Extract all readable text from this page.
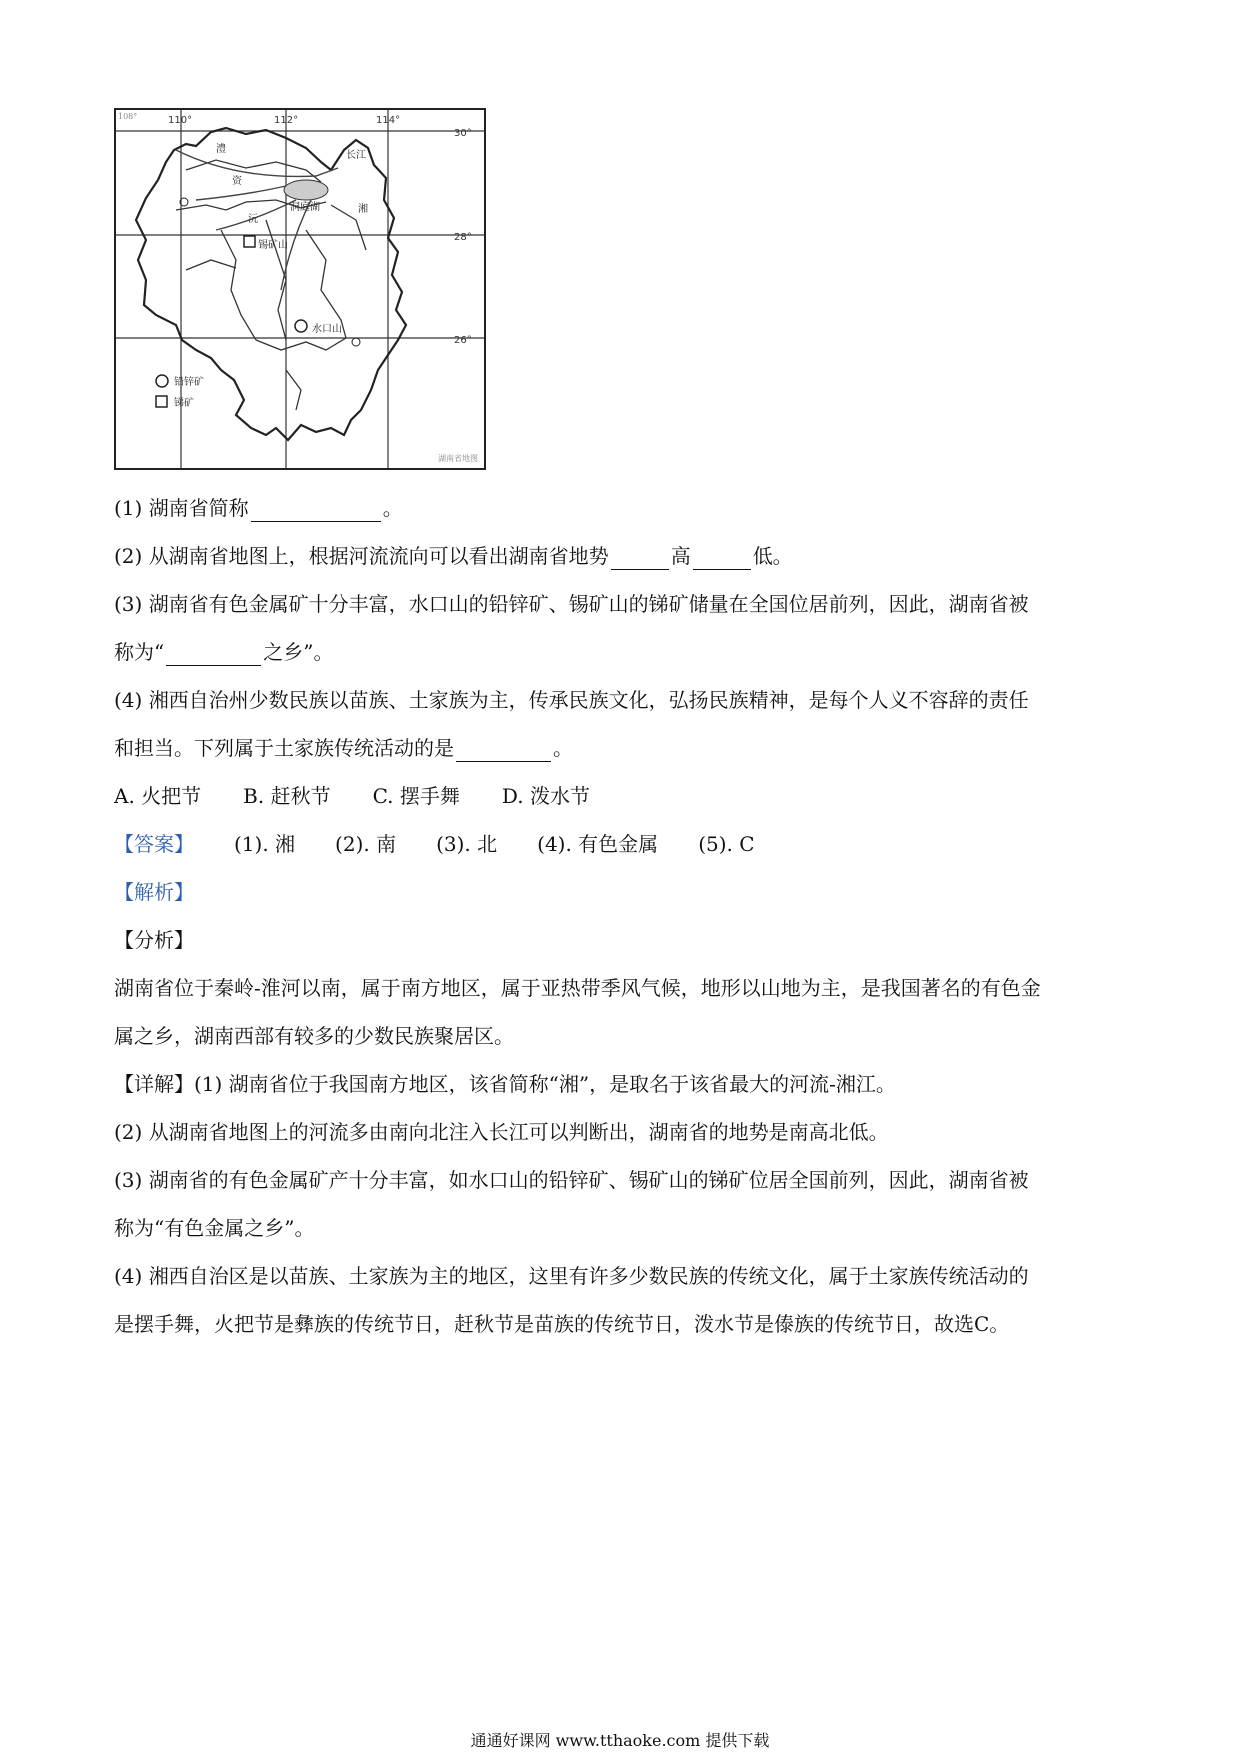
110°	112°	114°
30°
28°
26°
洞庭湖
长江
湘
资
沅
澧
水口山
锡矿山
铅锌矿
锑矿
湖南省地图
108°
(1) 湖南省简称	。
(2) 从湖南省地图上，根据河流流向可以看出湖南省地势	高	低。
(3) 湖南省有色金属矿十分丰富，水口山的铅锌矿、锡矿山的锑矿储量在全国位居前列，因此，湖南省被
称为“	之乡”。
(4) 湘西自治州少数民族以苗族、土家族为主，传承民族文化，弘扬民族精神，是每个人义不容辞的责任
和担当。下列属于土家族传统活动的是	。
A. 火把节 B. 赶秋节 C. 摆手舞 D. 泼水节
【答案】 (1). 湘 (2). 南 (3). 北 (4). 有色金属 (5). C
【解析】
【分析】
湖南省位于秦岭-淮河以南，属于南方地区，属于亚热带季风气候，地形以山地为主，是我国著名的有色金
属之乡，湖南西部有较多的少数民族聚居区。
【详解】(1) 湖南省位于我国南方地区，该省简称“湘”，是取名于该省最大的河流-湘江。
(2) 从湖南省地图上的河流多由南向北注入长江可以判断出，湖南省的地势是南高北低。
(3) 湖南省的有色金属矿产十分丰富，如水口山的铅锌矿、锡矿山的锑矿位居全国前列，因此，湖南省被
称为“有色金属之乡”。
(4) 湘西自治区是以苗族、土家族为主的地区，这里有许多少数民族的传统文化，属于土家族传统活动的
是摆手舞，火把节是彝族的传统节日，赶秋节是苗族的传统节日，泼水节是傣族的传统节日，故选C。
通通好课网 www.tthaoke.com 提供下载
